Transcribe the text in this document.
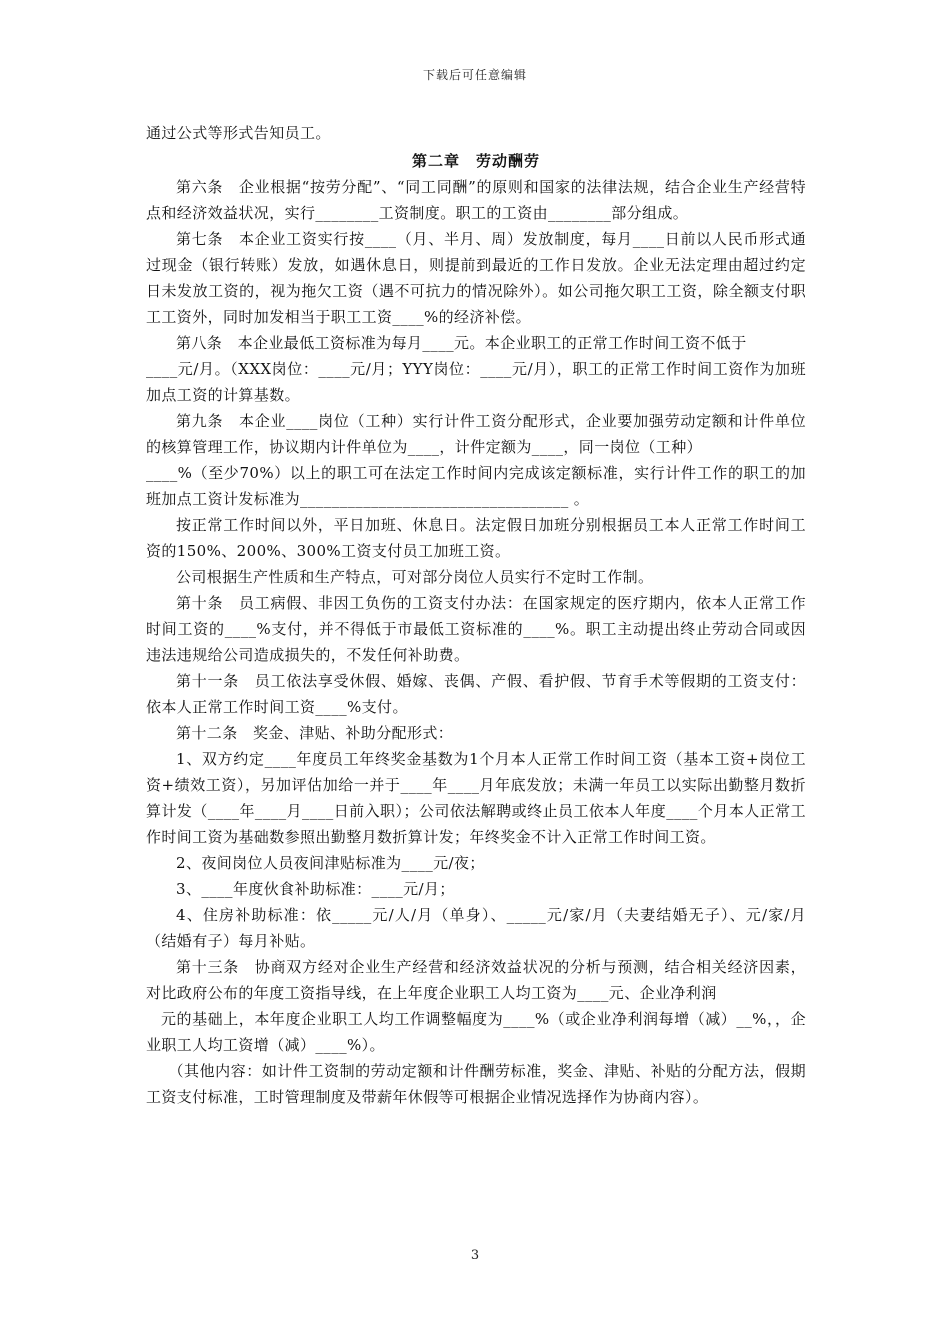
下载后可任意编辑

通过公式等形式告知员工。

第二章　劳动酬劳

第六条　企业根据“按劳分配”、“同工同酬”的原则和国家的法律法规，结合企业生产经营特点和经济效益状况，实行________工资制度。职工的工资由________部分组成。

第七条　本企业工资实行按____（月、半月、周）发放制度，每月____日前以人民币形式通过现金（银行转账）发放，如遇休息日，则提前到最近的工作日发放。企业无法定理由超过约定日未发放工资的，视为拖欠工资（遇不可抗力的情况除外）。如公司拖欠职工工资，除全额支付职工工资外，同时加发相当于职工工资____%的经济补偿。

第八条　本企业最低工资标准为每月____元。本企业职工的正常工作时间工资不低于

____元/月。（XXX岗位：____元/月；YYY岗位：____元/月），职工的正常工作时间工资作为加班加点工资的计算基数。

第九条　本企业____岗位（工种）实行计件工资分配形式，企业要加强劳动定额和计件单位的核算管理工作，协议期内计件单位为____，计件定额为____，同一岗位（工种）

____%（至少70%）以上的职工可在法定工作时间内完成该定额标准，实行计件工作的职工的加班加点工资计发标准为__________________________________ 。

按正常工作时间以外，平日加班、休息日。法定假日加班分别根据员工本人正常工作时间工资的150%、200%、300%工资支付员工加班工资。

公司根据生产性质和生产特点，可对部分岗位人员实行不定时工作制。

第十条　员工病假、非因工负伤的工资支付办法：在国家规定的医疗期内，依本人正常工作时间工资的____%支付，并不得低于市最低工资标准的____%。职工主动提出终止劳动合同或因违法违规给公司造成损失的，不发任何补助费。

第十一条　员工依法享受休假、婚嫁、丧偶、产假、看护假、节育手术等假期的工资支付：依本人正常工作时间工资____%支付。

第十二条　奖金、津贴、补助分配形式：

1、双方约定____年度员工年终奖金基数为1个月本人正常工作时间工资（基本工资+岗位工资+绩效工资），另加评估加给一并于____年____月年底发放；未满一年员工以实际出勤整月数折算计发（____年____月____日前入职）；公司依法解聘或终止员工依本人年度____个月本人正常工作时间工资为基础数参照出勤整月数折算计发；年终奖金不计入正常工作时间工资。

2、夜间岗位人员夜间津贴标准为____元/夜；

3、____年度伙食补助标准：____元/月；

4、住房补助标准：依_____元/人/月（单身）、_____元/家/月（夫妻结婚无子）、元/家/月（结婚有子）每月补贴。

第十三条　协商双方经对企业生产经营和经济效益状况的分析与预测，结合相关经济因素，对比政府公布的年度工资指导线，在上年度企业职工人均工资为____元、企业净利润

元的基础上，本年度企业职工人均工作调整幅度为____%（或企业净利润每增（减）__%，，企业职工人均工资增（减）____%）。

（其他内容：如计件工资制的劳动定额和计件酬劳标准，奖金、津贴、补贴的分配方法，假期工资支付标准，工时管理制度及带薪年休假等可根据企业情况选择作为协商内容）。

3
